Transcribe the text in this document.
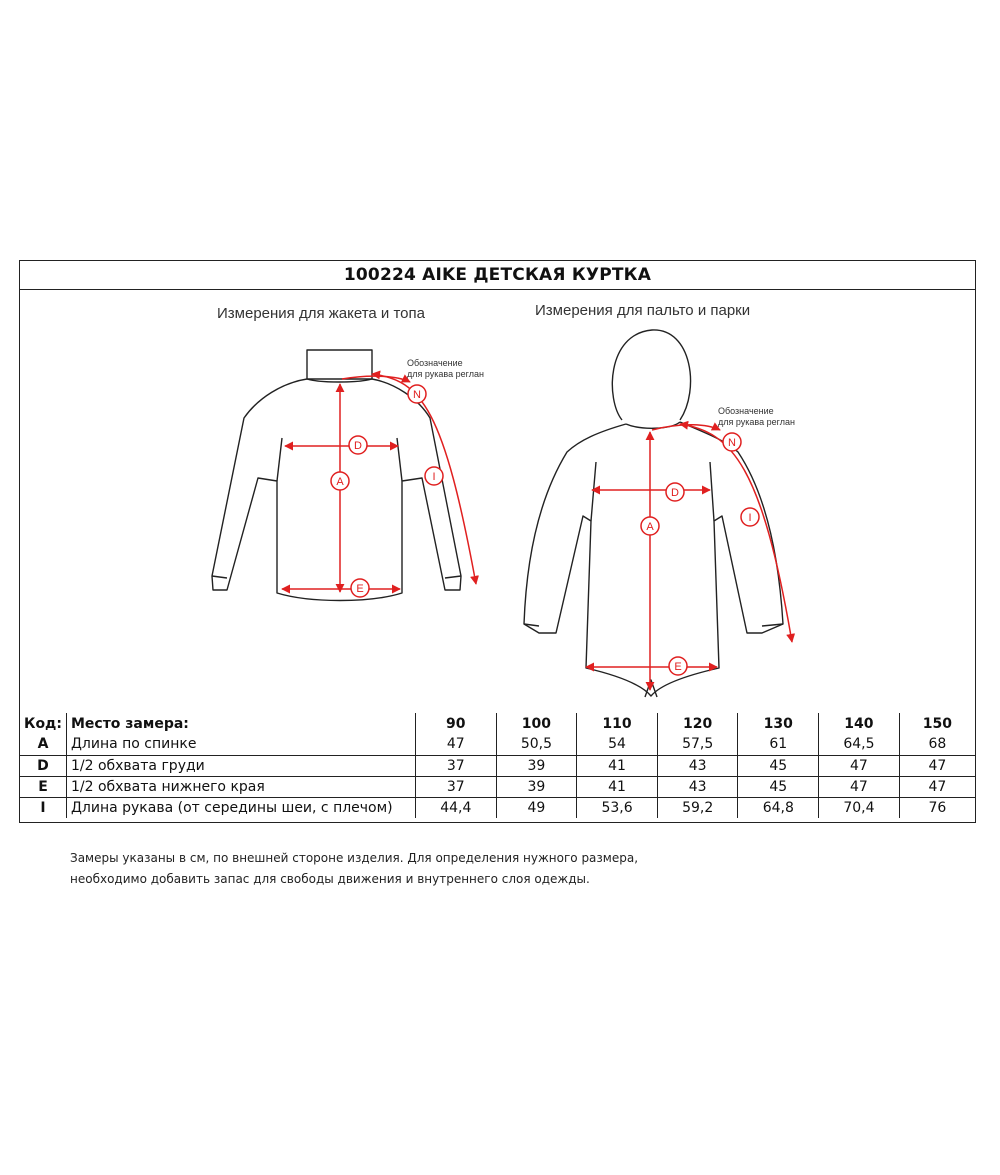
100224 AIKE ДЕТСКАЯ КУРТКА
Измерения для жакета и топа	Измерения для пальто и парки
Обозначение
для рукава реглан
Обозначение
для рукава реглан
A
D
E
I
N
A
D
E
I
N
Код:	Место замера:	90	100	110	120	130	140	150
A	Длина по спинке	47	50,5	54	57,5	61	64,5	68
D	1/2 обхвата груди	37	39	41	43	45	47	47
E	1/2 обхвата нижнего края	37	39	41	43	45	47	47
I	Длина рукава (от середины шеи, с плечом)	44,4	49	53,6	59,2	64,8	70,4	76
Замеры указаны в см, по внешней стороне изделия. Для определения нужного размера,
необходимо добавить запас для свободы движения и внутреннего слоя одежды.
